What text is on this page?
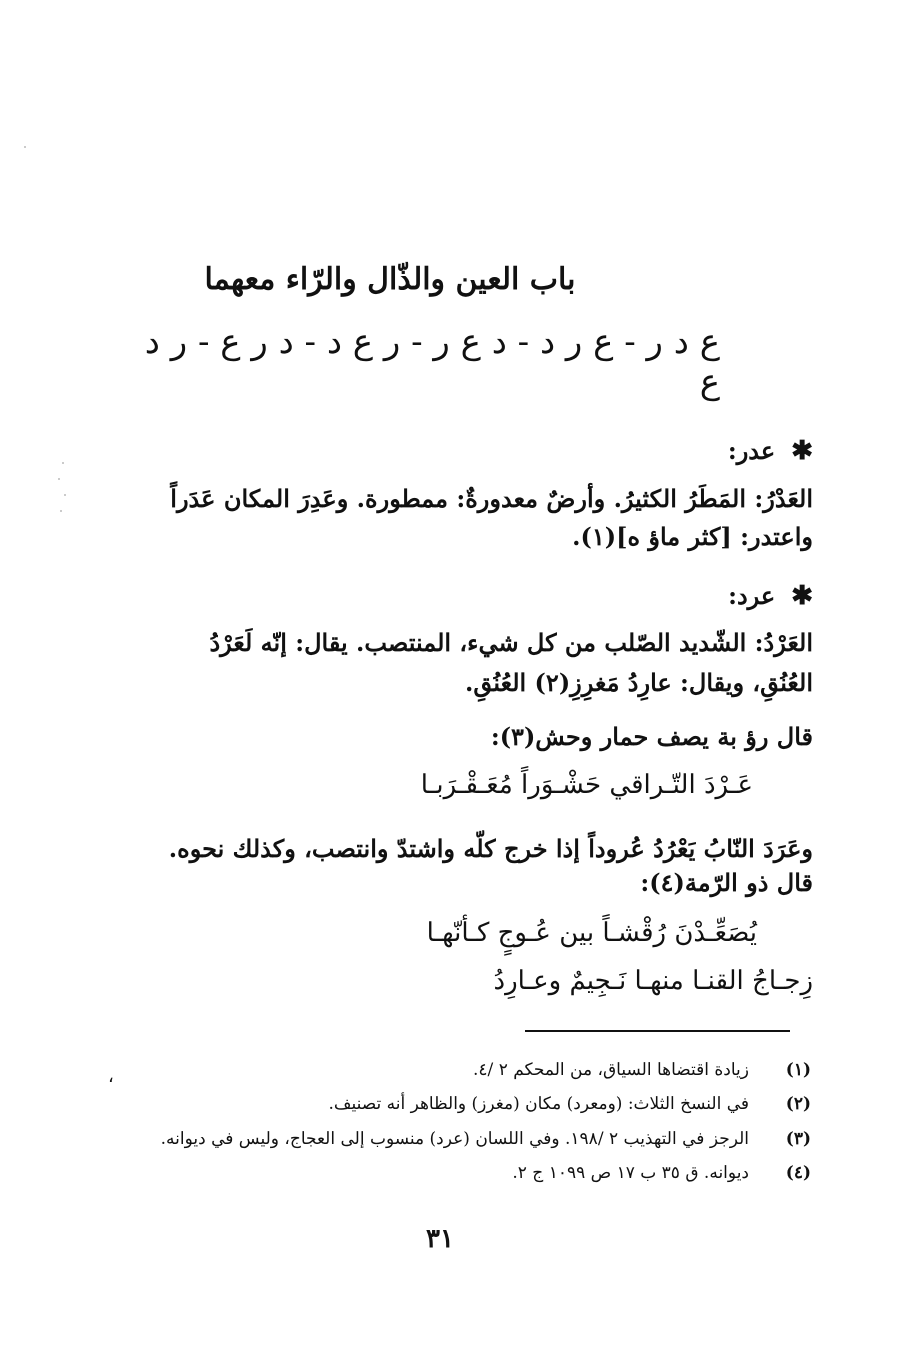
باب العين والذّال والرّاء معهما
ع د ر - ع ر د - د ع ر - ر ع د - د ر ع - ر د ع
✱عدر:
العَدْرُ: المَطَرُ الكثيرُ. وأرضٌ معدورةٌ: ممطورة. وعَدِرَ المكان عَدَراً
واعتدر: [كثر ماؤ ه](١).
✱عرد:
العَرْدُ: الشّديد الصّلب من كل شيء، المنتصب. يقال: إنّه لَعَرْدُ
العُنُقِ، ويقال: عارِدُ مَغرِزِ(٢) العُنُقِ.
قال رؤ بة يصف حمار وحش(٣):
عَـرْدَ التّـراقي حَشْـوَراً مُعَـقْـرَبـا
وعَرَدَ النّابُ يَعْرُدُ عُروداً إذا خرج كلّه واشتدّ وانتصب، وكذلك نحوه.
قال ذو الرّمة(٤):
يُصَعِّـدْنَ رُقْشـاً بين عُـوجٍ كـأنّهـا
زِجـاجُ القنـا منهـا نَـجِيمٌ وعـارِدُ
(١)زيادة اقتضاها السياق، من المحكم ٢ /٤.
(٢)في النسخ الثلاث: (ومعرد) مكان (مغرز) والظاهر أنه تصنيف.
(٣)الرجز في التهذيب ٢ /١٩٨. وفي اللسان (عرد) منسوب إلى العجاج، وليس في ديوانه.
(٤)ديوانه. ق ٣٥ ب ١٧ ص ١٠٩٩ ج ٢.
،
٣١
